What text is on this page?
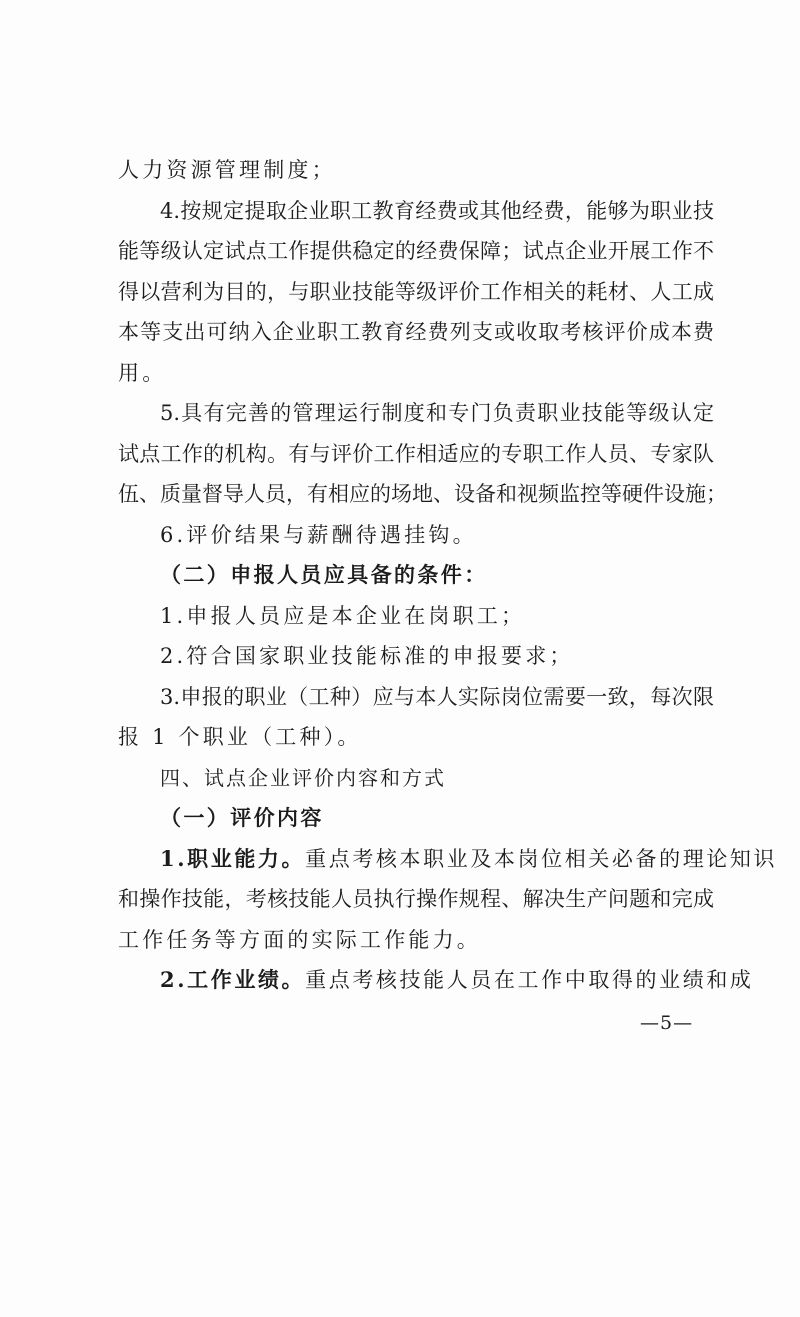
人力资源管理制度；
4.按规定提取企业职工教育经费或其他经费，能够为职业技
能等级认定试点工作提供稳定的经费保障；试点企业开展工作不
得以营利为目的，与职业技能等级评价工作相关的耗材、人工成
本等支出可纳入企业职工教育经费列支或收取考核评价成本费
用。
5.具有完善的管理运行制度和专门负责职业技能等级认定
试点工作的机构。有与评价工作相适应的专职工作人员、专家队
伍、质量督导人员，有相应的场地、设备和视频监控等硬件设施；
6.评价结果与薪酬待遇挂钩。
（二）申报人员应具备的条件：
1.申报人员应是本企业在岗职工；
2.符合国家职业技能标准的申报要求；
3.申报的职业（工种）应与本人实际岗位需要一致，每次限
报 1 个职业（工种）。
四、试点企业评价内容和方式
（一）评价内容
1.职业能力。重点考核本职业及本岗位相关必备的理论知识
和操作技能，考核技能人员执行操作规程、解决生产问题和完成
工作任务等方面的实际工作能力。
2.工作业绩。重点考核技能人员在工作中取得的业绩和成
—5—
